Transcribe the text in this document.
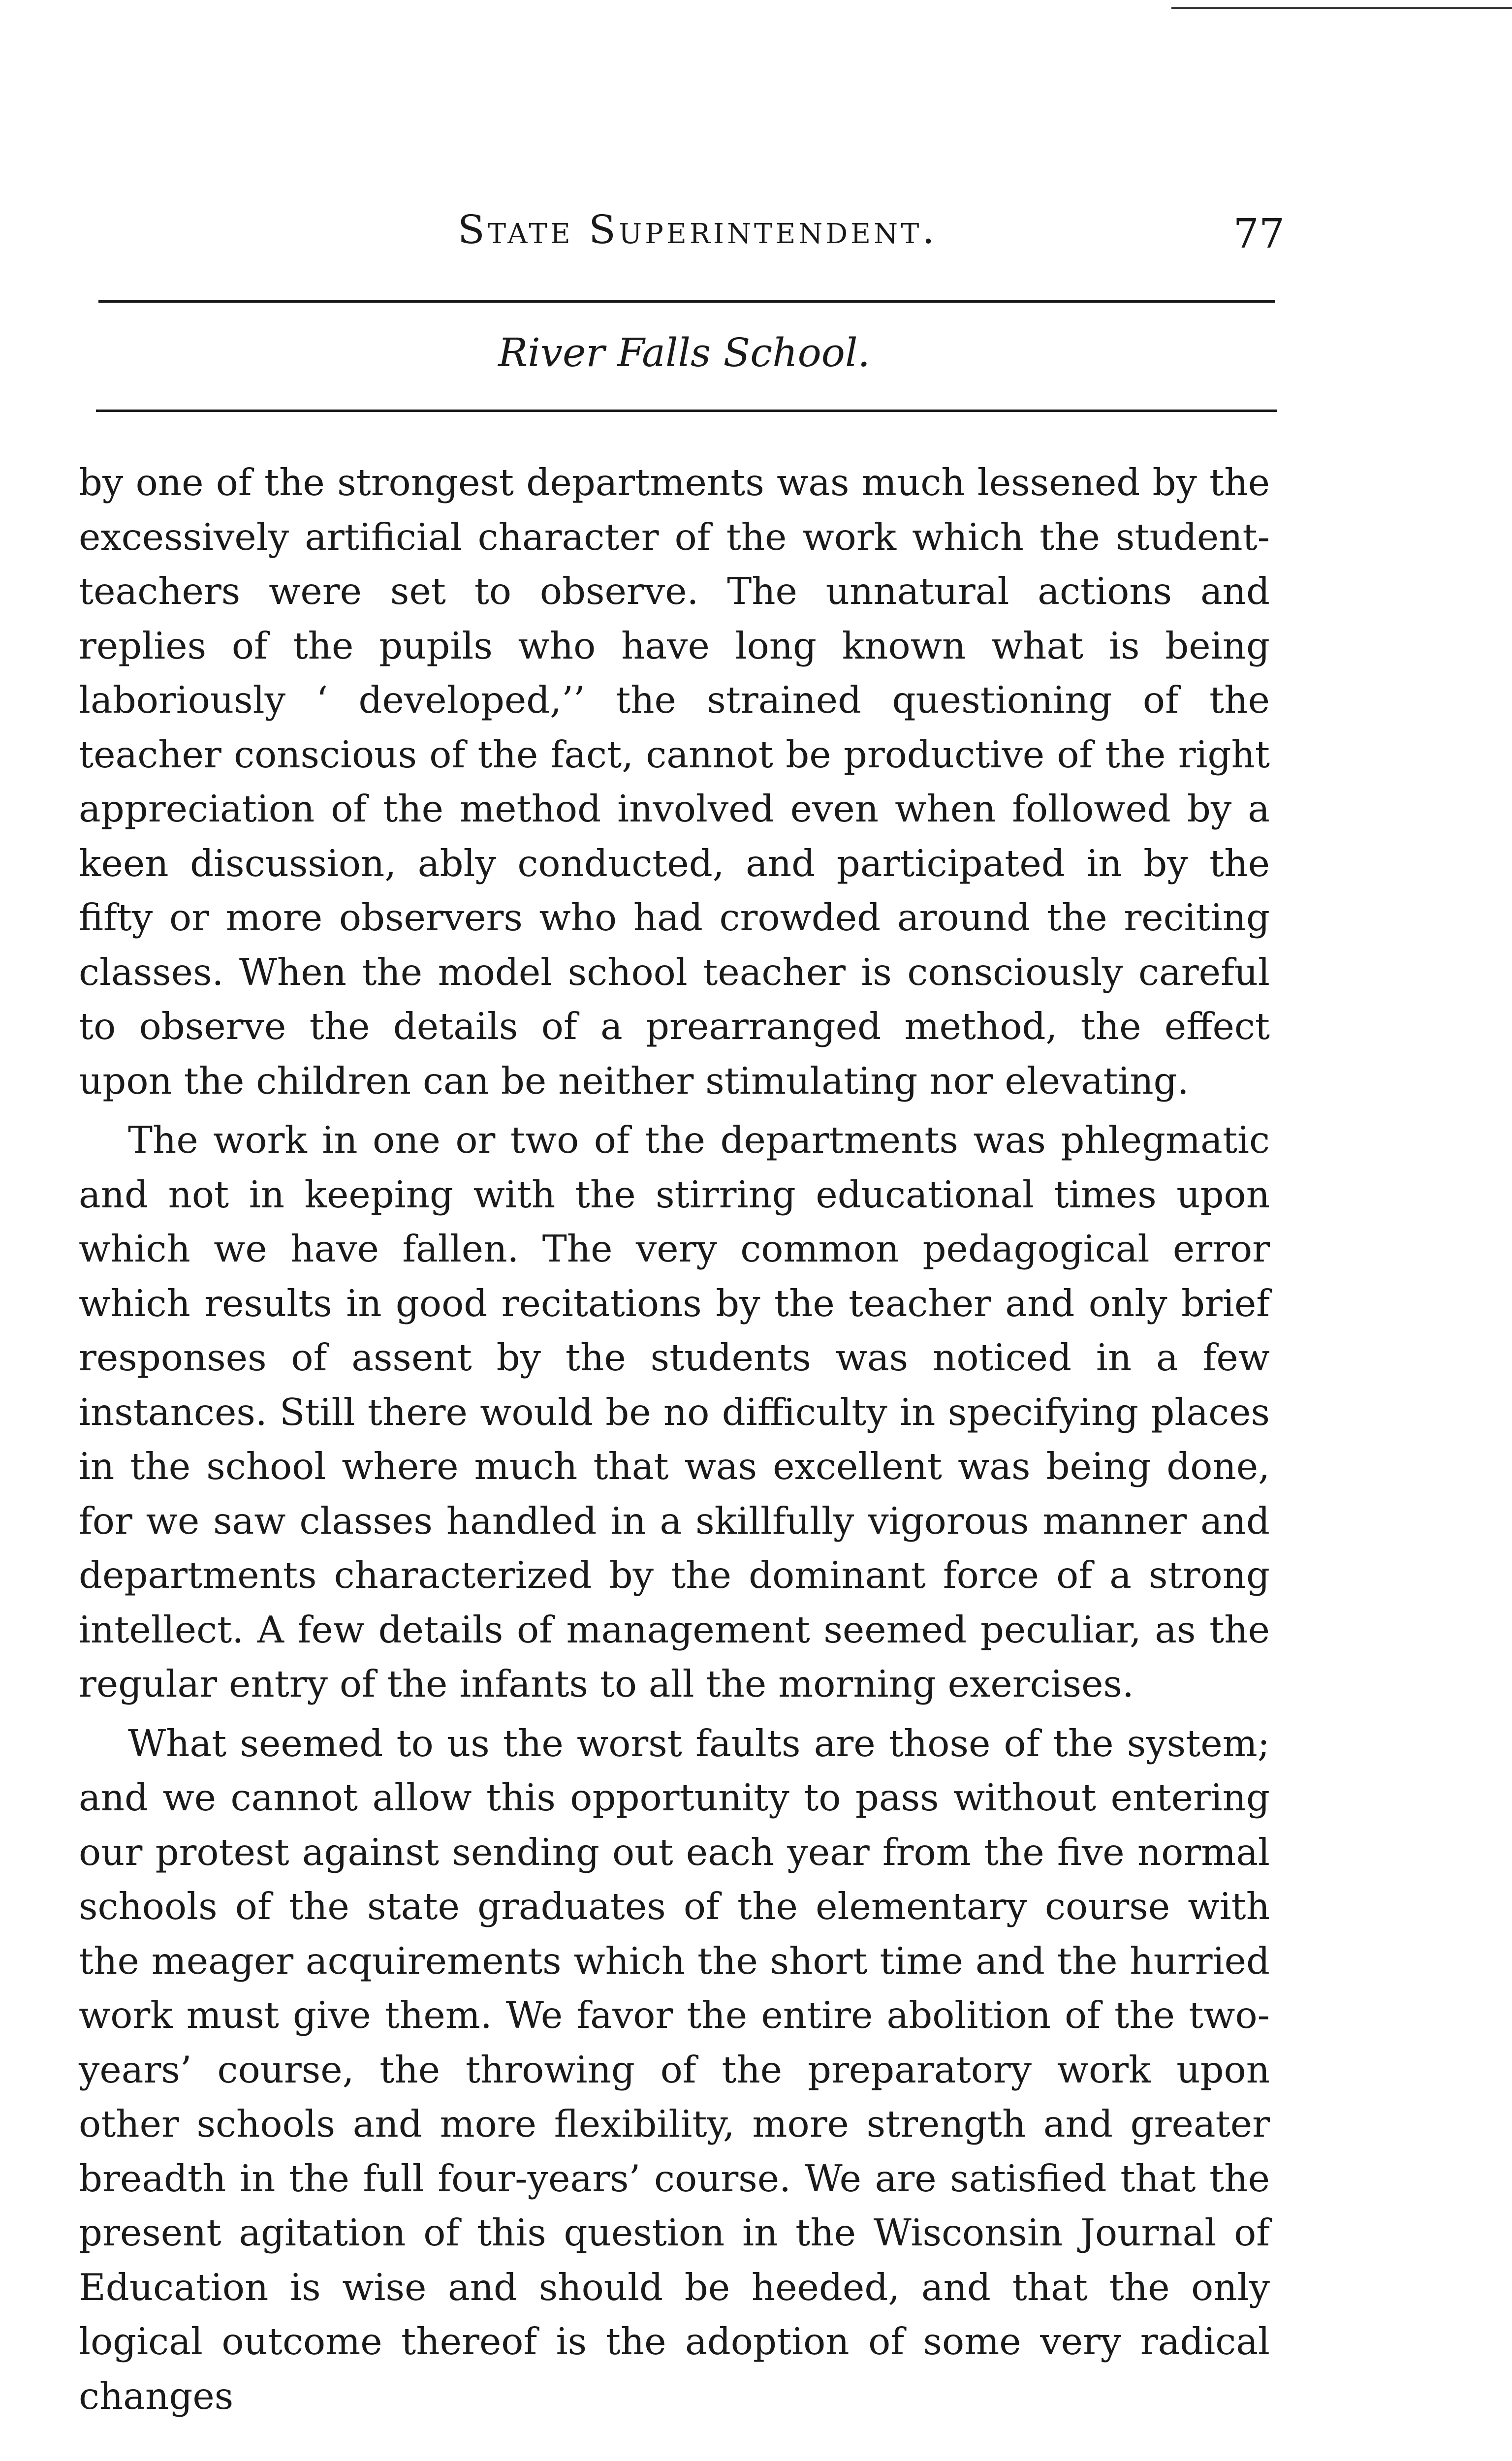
State Superintendent.	77
River Falls School.

by one of the strongest departments was much lessened by the excessively artificial character of the work which the student-teachers were set to observe. The unnatural actions and replies of the pupils who have long known what is being laboriously ‘ developed,’’ the strained questioning of the teacher conscious of the fact, cannot be productive of the right appreciation of the method involved even when followed by a keen discussion, ably conducted, and participated in by the fifty or more observers who had crowded around the reciting classes. When the model school teacher is consciously careful to observe the details of a prearranged method, the effect upon the children can be neither stimulating nor elevating.

The work in one or two of the departments was phlegmatic and not in keeping with the stirring educational times upon which we have fallen. The very common pedagogical error which results in good recitations by the teacher and only brief responses of assent by the students was noticed in a few instances. Still there would be no difficulty in specifying places in the school where much that was excellent was being done, for we saw classes handled in a skillfully vigorous manner and departments characterized by the dominant force of a strong intellect. A few details of management seemed peculiar, as the regular entry of the infants to all the morning exercises.

What seemed to us the worst faults are those of the system; and we cannot allow this opportunity to pass without entering our protest against sending out each year from the five normal schools of the state graduates of the elementary course with the meager acquirements which the short time and the hurried work must give them. We favor the entire abolition of the two-years’ course, the throwing of the preparatory work upon other schools and more flexibility, more strength and greater breadth in the full four-years’ course. We are satisfied that the present agitation of this question in the Wisconsin Journal of Education is wise and should be heeded, and that the only logical outcome thereof is the adoption of some very radical changes
